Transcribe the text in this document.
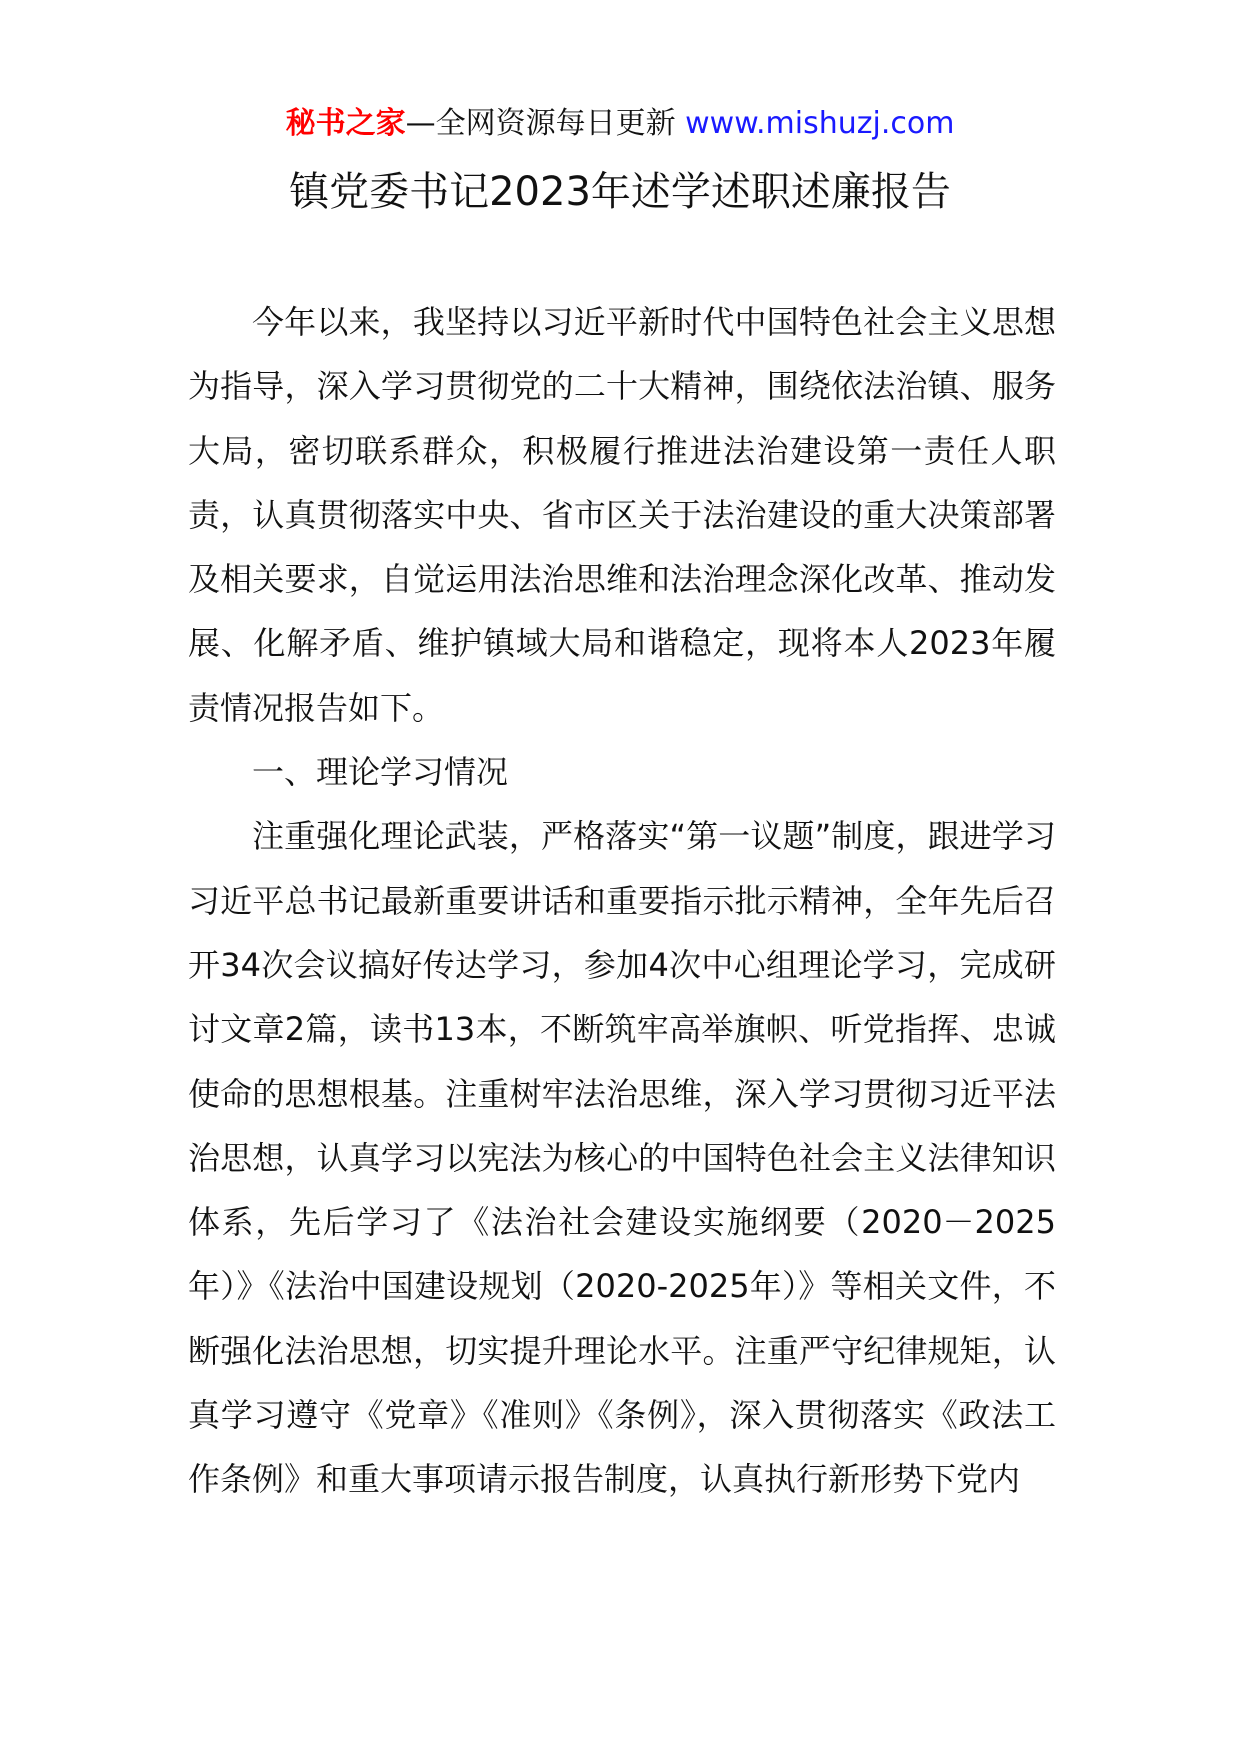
秘书之家—全网资源每日更新 www.mishuzj.com
镇党委书记2023年述学述职述廉报告

今年以来，我坚持以习近平新时代中国特色社会主义思想为指导，深入学习贯彻党的二十大精神，围绕依法治镇、服务大局，密切联系群众，积极履行推进法治建设第一责任人职责，认真贯彻落实中央、省市区关于法治建设的重大决策部署及相关要求，自觉运用法治思维和法治理念深化改革、推动发展、化解矛盾、维护镇域大局和谐稳定，现将本人2023年履责情况报告如下。

一、理论学习情况

注重强化理论武装，严格落实“第一议题”制度，跟进学习习近平总书记最新重要讲话和重要指示批示精神，全年先后召开34次会议搞好传达学习，参加4次中心组理论学习，完成研讨文章2篇，读书13本，不断筑牢高举旗帜、听党指挥、忠诚使命的思想根基。注重树牢法治思维，深入学习贯彻习近平法治思想，认真学习以宪法为核心的中国特色社会主义法律知识体系，先后学习了《法治社会建设实施纲要（2020－2025年）》《法治中国建设规划（2020-2025年）》等相关文件，不断强化法治思想，切实提升理论水平。注重严守纪律规矩，认真学习遵守《党章》《准则》《条例》，深入贯彻落实《政法工作条例》和重大事项请示报告制度，认真执行新形势下党内
